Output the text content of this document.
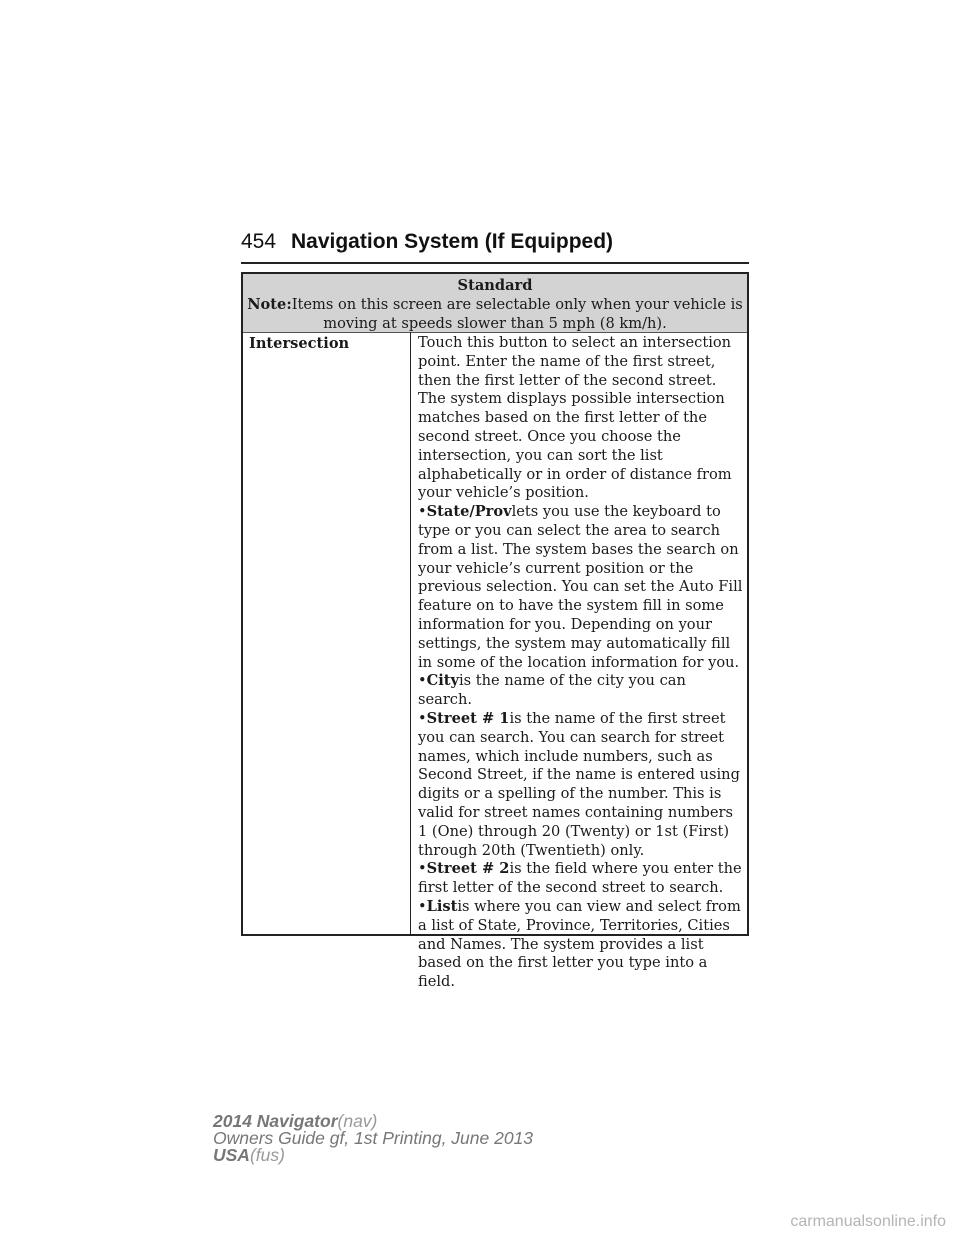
454 Navigation System (If Equipped)
Standard
Note:Items on this screen are selectable only when your vehicle is
moving at speeds slower than 5 mph (8 km/h).
Intersection	Touch this button to select an intersection point. Enter the name of the first street, then the first letter of the second street. The system displays possible intersection matches based on the first letter of the second street. Once you choose the intersection, you can sort the list alphabetically or in order of distance from your vehicle’s position.

•State/Provlets you use the keyboard to type or you can select the area to search from a list. The system bases the search on your vehicle’s current position or the previous selection. You can set the Auto Fill feature on to have the system fill in some information for you. Depending on your settings, the system may automatically fill in some of the location information for you.

•Cityis the name of the city you can search.

•Street # 1is the name of the first street you can search. You can search for street names, which include numbers, such as Second Street, if the name is entered using digits or a spelling of the number. This is valid for street names containing numbers 1 (One) through 20 (Twenty) or 1st (First) through 20th (Twentieth) only.

•Street # 2is the field where you enter the first letter of the second street to search.

•Listis where you can view and select from a list of State, Province, Territories, Cities and Names. The system provides a list based on the first letter you type into a field.

2014 Navigator(nav)
Owners Guide gf, 1st Printing, June 2013
USA(fus)
carmanualsonline.info
